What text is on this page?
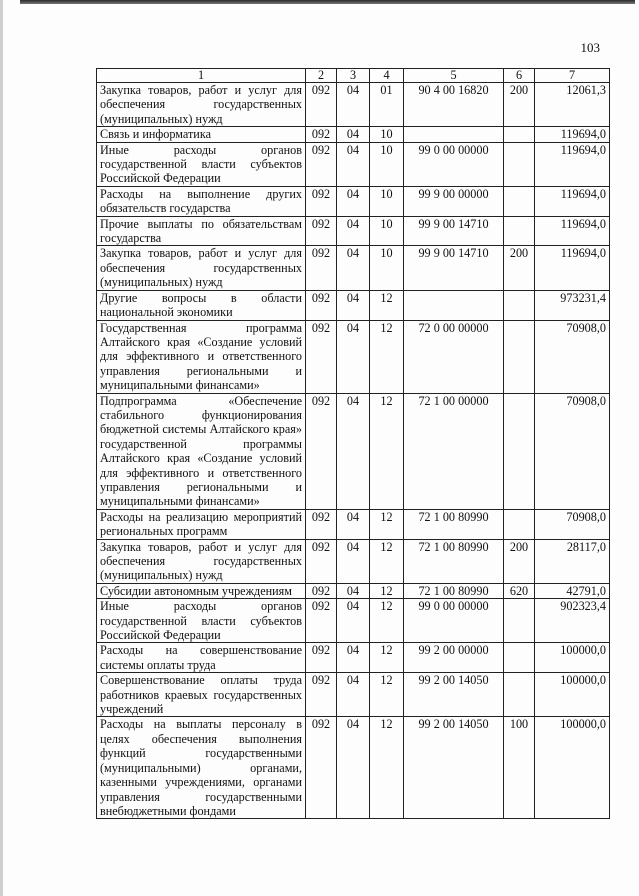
103
1	2	3	4	5	6	7
Закупка товаров, работ и услуг для обеспечения государственных (муниципальных) нужд	092	04	01	90 4 00 16820	200	12061,3
Связь и информатика	092	04	10			119694,0
Иные расходы органов государственной власти субъектов Российской Федерации	092	04	10	99 0 00 00000		119694,0
Расходы на выполнение других обязательств государства	092	04	10	99 9 00 00000		119694,0
Прочие выплаты по обязательствам государства	092	04	10	99 9 00 14710		119694,0
Закупка товаров, работ и услуг для обеспечения государственных (муниципальных) нужд	092	04	10	99 9 00 14710	200	119694,0
Другие вопросы в области национальной экономики	092	04	12			973231,4
Государственная программа Алтайского края «Создание условий для эффективного и ответственного управления региональными и муниципальными финансами»	092	04	12	72 0 00 00000		70908,0
Подпрограмма «Обеспечение стабильного функционирования бюджетной системы Алтайского края» государственной программы Алтайского края «Создание условий для эффективного и ответственного управления региональными и муниципальными финансами»	092	04	12	72 1 00 00000		70908,0
Расходы на реализацию мероприятий региональных программ	092	04	12	72 1 00 80990		70908,0
Закупка товаров, работ и услуг для обеспечения государственных (муниципальных) нужд	092	04	12	72 1 00 80990	200	28117,0
Субсидии автономным учреждениям	092	04	12	72 1 00 80990	620	42791,0
Иные расходы органов государственной власти субъектов Российской Федерации	092	04	12	99 0 00 00000		902323,4
Расходы на совершенствование системы оплаты труда	092	04	12	99 2 00 00000		100000,0
Совершенствование оплаты труда работников краевых государственных учреждений	092	04	12	99 2 00 14050		100000,0
Расходы на выплаты персоналу в целях обеспечения выполнения функций государственными (муниципальными) органами, казенными учреждениями, органами управления государственными внебюджетными фондами	092	04	12	99 2 00 14050	100	100000,0
